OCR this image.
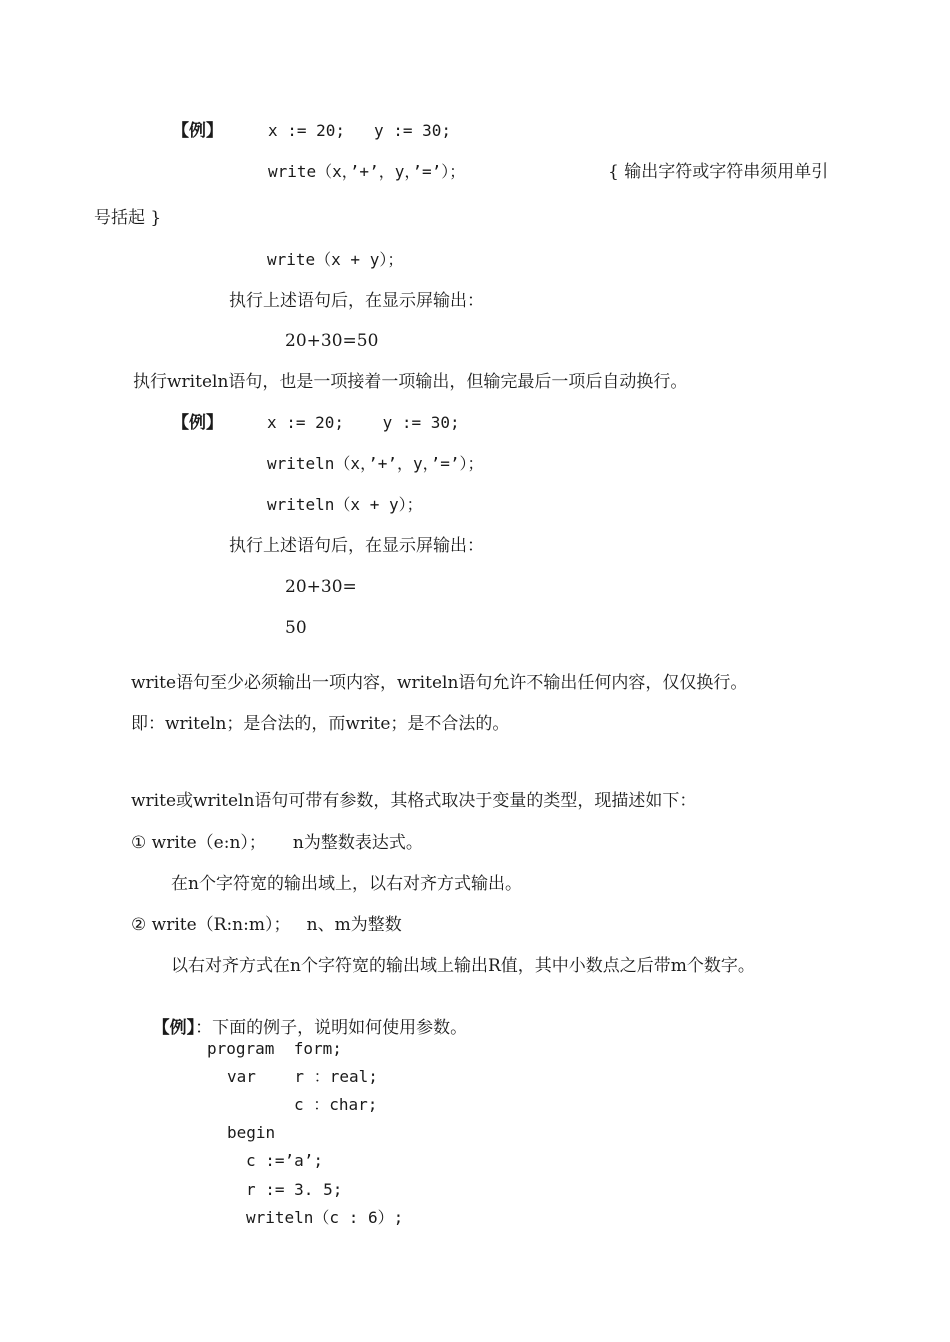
【例】	x := 20;   y := 30;
write（x，’+’，y，’=’）；	{ 输出字符或字符串须用单引
号括起 }
write（x + y）；
执行上述语句后，在显示屏输出：
20+30=50
执行writeln语句，也是一项接着一项输出，但输完最后一项后自动换行。
【例】	x := 20;    y := 30;
writeln（x，’+’，y，’=’）；
writeln（x + y）；
执行上述语句后，在显示屏输出：
20+30=
50
write语句至少必须输出一项内容，writeln语句允许不输出任何内容，仅仅换行。
即：writeln；是合法的，而write；是不合法的。
write或writeln语句可带有参数，其格式取决于变量的类型，现描述如下：
① write（e:n）；     n为整数表达式。
在n个字符宽的输出域上，以右对齐方式输出。
② write（R:n:m）；   n、m为整数
以右对齐方式在n个字符宽的输出域上输出R值，其中小数点之后带m个数字。

【例】：下面的例子，说明如何使用参数。

program  form;
var    r ：real;
c ：char;
begin
c :=’a’;
r := 3. 5;
writeln（c : 6）;
